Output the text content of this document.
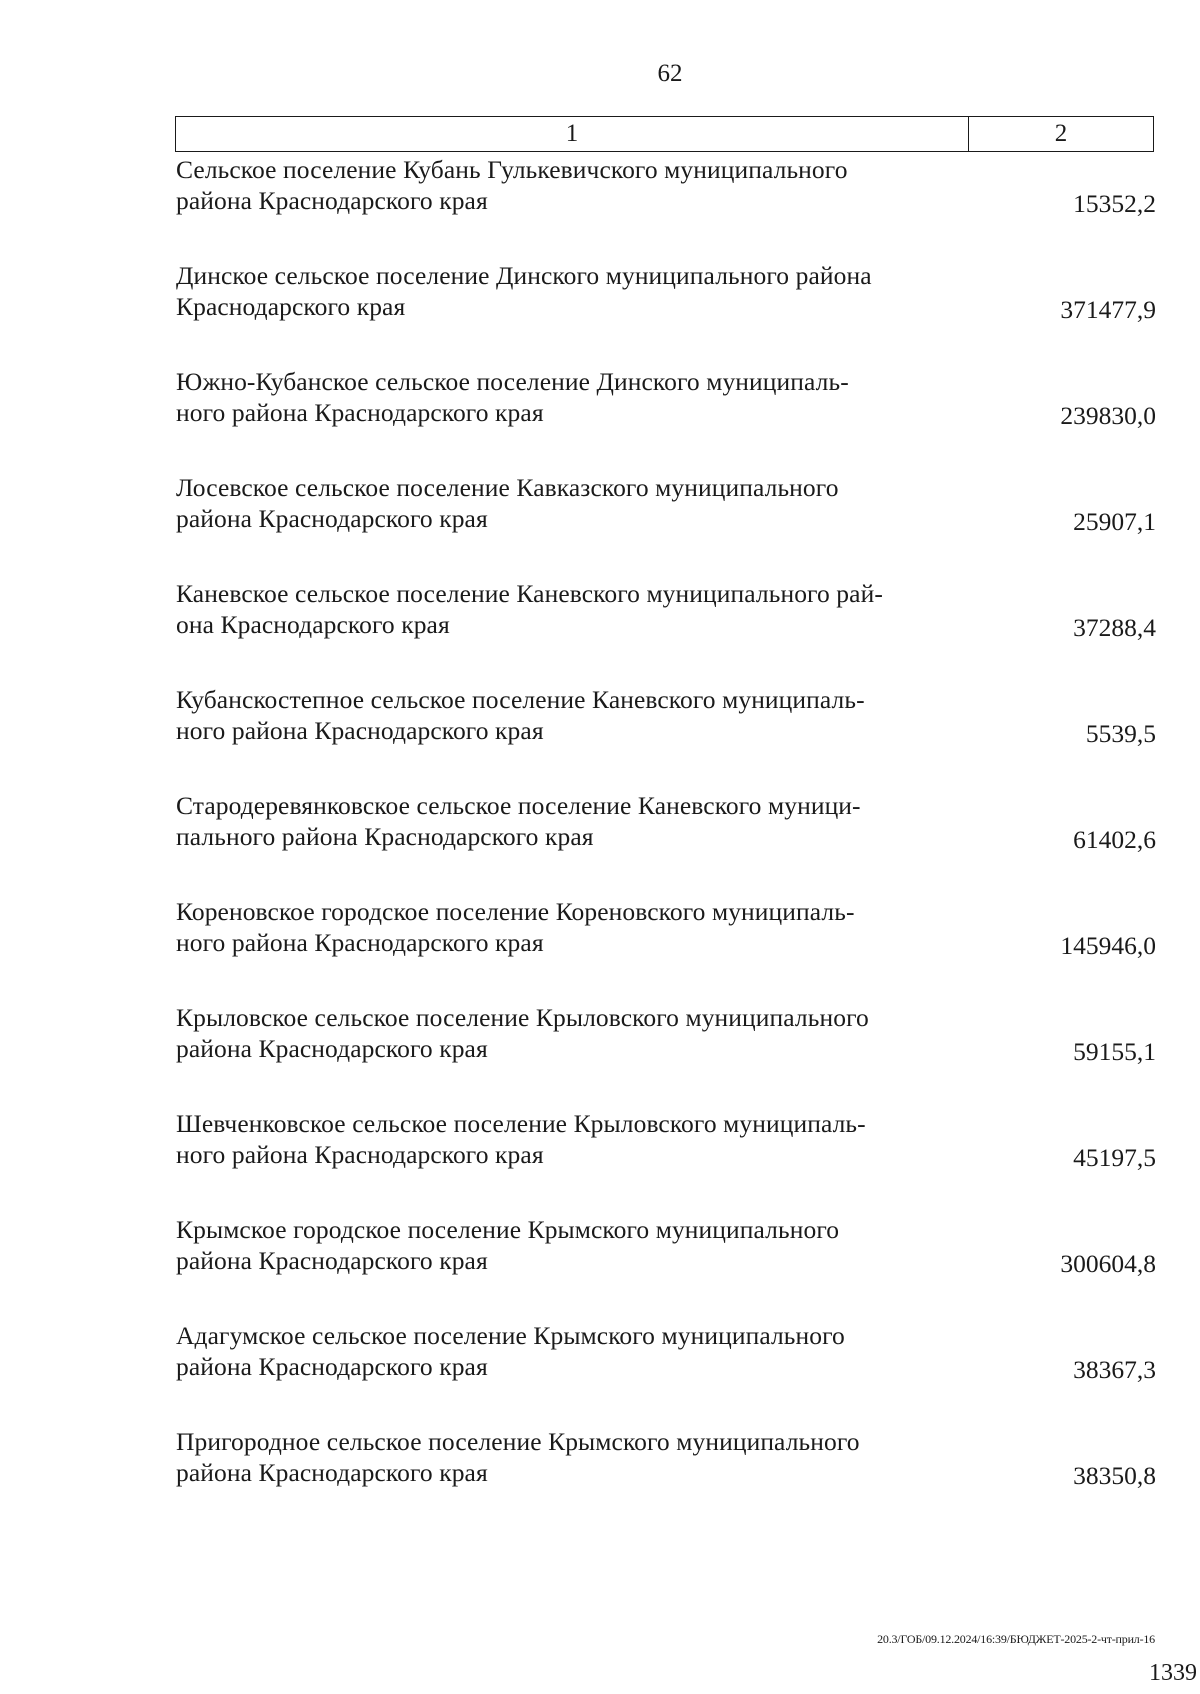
62
1	2
Сельское поселение Кубань Гулькевичского муниципального
района Краснодарского края	15352,2
Динское сельское поселение Динского муниципального района
Краснодарского края	371477,9
Южно-Кубанское сельское поселение Динского муниципаль-
ного района Краснодарского края	239830,0
Лосевское сельское поселение Кавказского муниципального
района Краснодарского края	25907,1
Каневское сельское поселение Каневского муниципального рай-
она Краснодарского края	37288,4
Кубанскостепное сельское поселение Каневского муниципаль-
ного района Краснодарского края	5539,5
Стародеревянковское сельское поселение Каневского муници-
пального района Краснодарского края	61402,6
Кореновское городское поселение Кореновского муниципаль-
ного района Краснодарского края	145946,0
Крыловское сельское поселение Крыловского муниципального
района Краснодарского края	59155,1
Шевченковское сельское поселение Крыловского муниципаль-
ного района Краснодарского края	45197,5
Крымское городское поселение Крымского муниципального
района Краснодарского края	300604,8
Адагумское сельское поселение Крымского муниципального
района Краснодарского края	38367,3
Пригородное сельское поселение Крымского муниципального
района Краснодарского края	38350,8
20.3/ГОБ/09.12.2024/16:39/БЮДЖЕТ-2025-2-чт-прил-16
1339
